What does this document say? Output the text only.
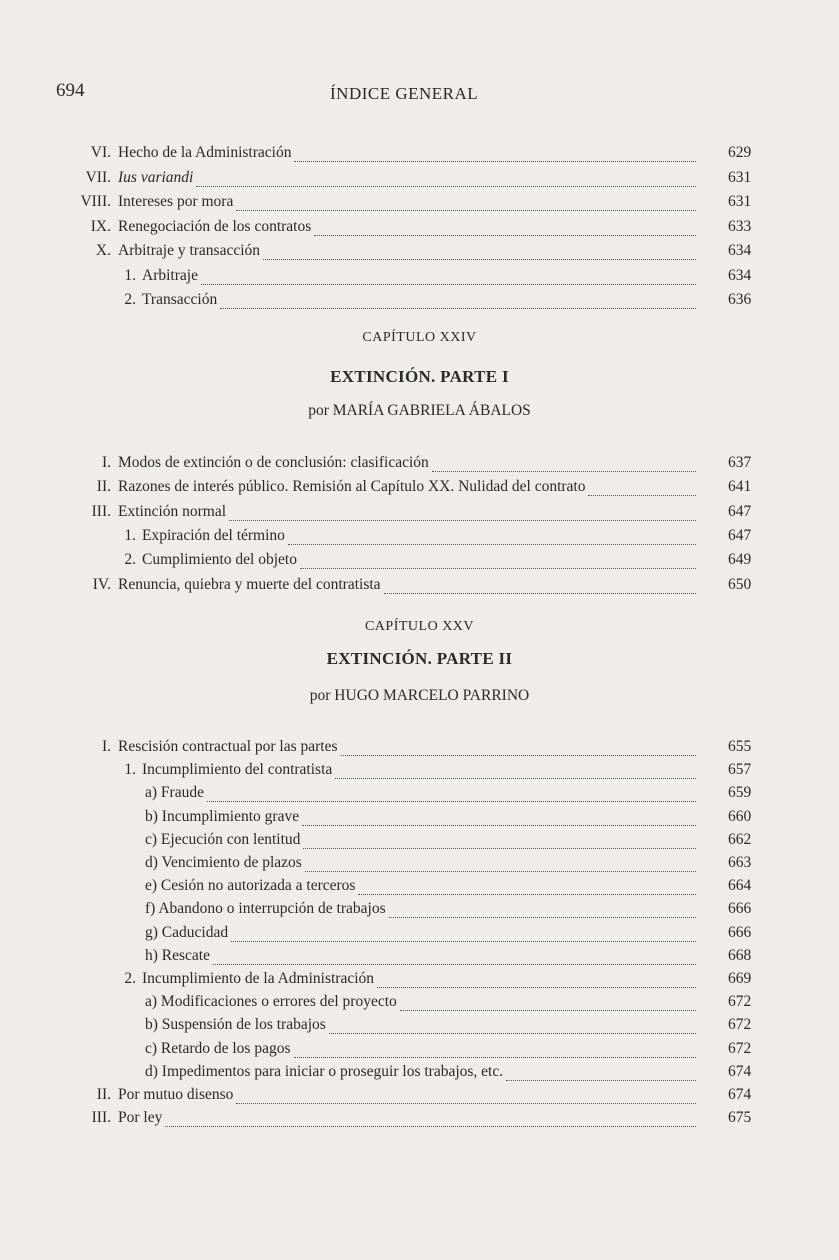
694	ÍNDICE GENERAL
VI. Hecho de la Administración	629
VII. Ius variandi	631
VIII. Intereses por mora	631
IX. Renegociación de los contratos	633
X. Arbitraje y transacción	634
1. Arbitraje	634
2. Transacción	636
CAPÍTULO XXIV
EXTINCIÓN. PARTE I
por MARÍA GABRIELA ÁBALOS
I. Modos de extinción o de conclusión: clasificación	637
II. Razones de interés público. Remisión al Capítulo XX. Nulidad del contrato	641
III. Extinción normal	647
1. Expiración del término	647
2. Cumplimiento del objeto	649
IV. Renuncia, quiebra y muerte del contratista	650
CAPÍTULO XXV
EXTINCIÓN. PARTE II
por HUGO MARCELO PARRINO
I. Rescisión contractual por las partes	655
1. Incumplimiento del contratista	657
a) Fraude	659
b) Incumplimiento grave	660
c) Ejecución con lentitud	662
d) Vencimiento de plazos	663
e) Cesión no autorizada a terceros	664
f) Abandono o interrupción de trabajos	666
g) Caducidad	666
h) Rescate	668
2. Incumplimiento de la Administración	669
a) Modificaciones o errores del proyecto	672
b) Suspensión de los trabajos	672
c) Retardo de los pagos	672
d) Impedimentos para iniciar o proseguir los trabajos, etc.	674
II. Por mutuo disenso	674
III. Por ley	675
